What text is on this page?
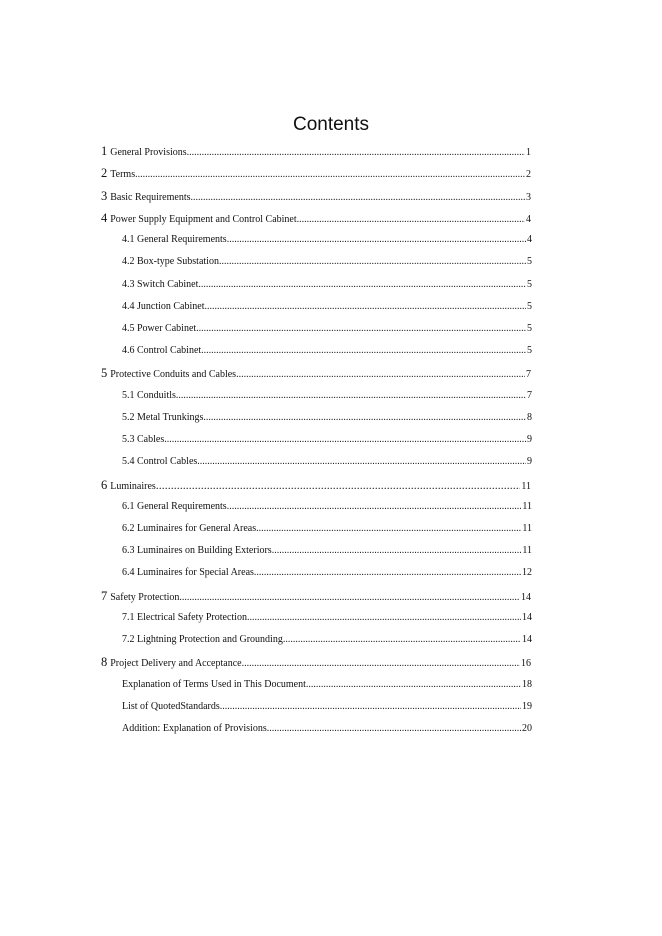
Contents
1 General Provisions .....	1
2 Terms .....	2
3 Basic Requirements .....	3
4 Power Supply Equipment and Control Cabinet .....	4
4.1 General Requirements .....	4
4.2 Box-type Substation .....	5
4.3 Switch Cabinet .....	5
4.4 Junction Cabinet .....	5
4.5 Power Cabinet .....	5
4.6 Control Cabinet .....	5
5 Protective Conduits and Cables .....	7
5.1 Conduitls .....	7
5.2 Metal Trunkings .....	8
5.3 Cables .....	9
5.4 Control Cables .....	9
6 Luminaires .....	11
6.1 General Requirements .....	11
6.2 Luminaires for General Areas .....	11
6.3 Luminaires on Building Exteriors .....	11
6.4 Luminaires for Special Areas .....	12
7 Safety Protection .....	14
7.1 Electrical Safety Protection .....	14
7.2 Lightning Protection and Grounding .....	14
8 Project Delivery and Acceptance .....	16
Explanation of Terms Used in This Document .....	18
List of QuotedStandards .....	19
Addition: Explanation of Provisions .....	20
